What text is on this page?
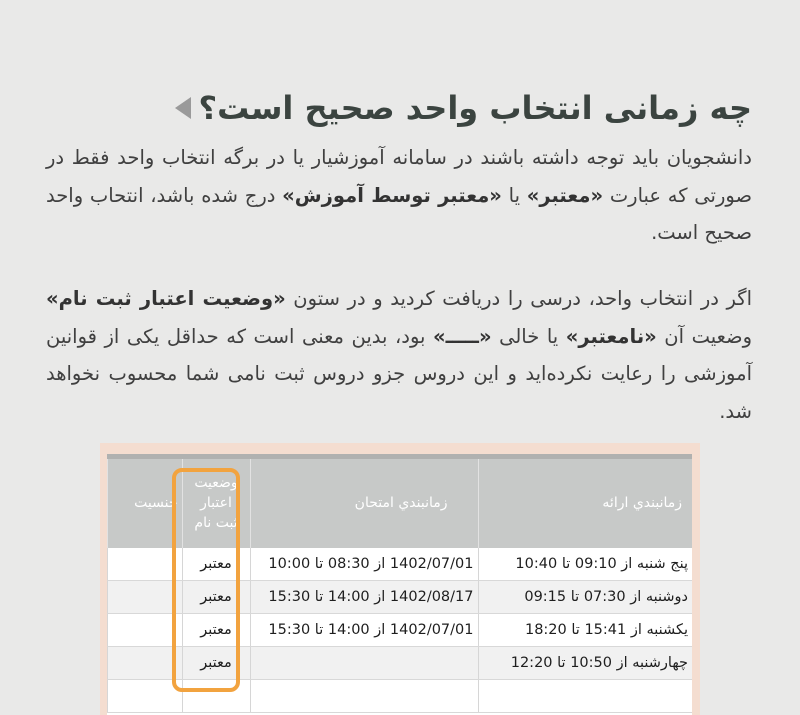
چه زمانی انتخاب واحد صحیح است؟

دانشجویان باید توجه داشته باشند در سامانه آموزشیار یا در برگه انتخاب واحد فقط در صورتی که عبارت «معتبر» یا «معتبر توسط آموزش» درج شده باشد، انتحاب واحد صحیح است.

اگر در انتخاب واحد، درسی را دریافت کردید و در ستون «وضعیت اعتبار ثبت نام» وضعیت آن «نامعتبر» یا خالی «ـــــ» بود، بدین معنی است که حداقل یکی از قوانین آموزشی را رعایت نکرده‌اید و این دروس جزو دروس ثبت نامی شما محسوب نخواهد شد.

زمانبندي ارائه	زمانبندي امتحان	وضعیت اعتبار ثبت نام	جنسیت
پنج شنبه از 09:10 تا 10:40	1402/07/01 از 08:30 تا 10:00	معتبر	
دوشنبه از 07:30 تا 09:15	1402/08/17 از 14:00 تا 15:30	معتبر	
یکشنبه از 15:41 تا 18:20	1402/07/01 از 14:00 تا 15:30	معتبر	
چهارشنبه از 10:50 تا 12:20		معتبر	
